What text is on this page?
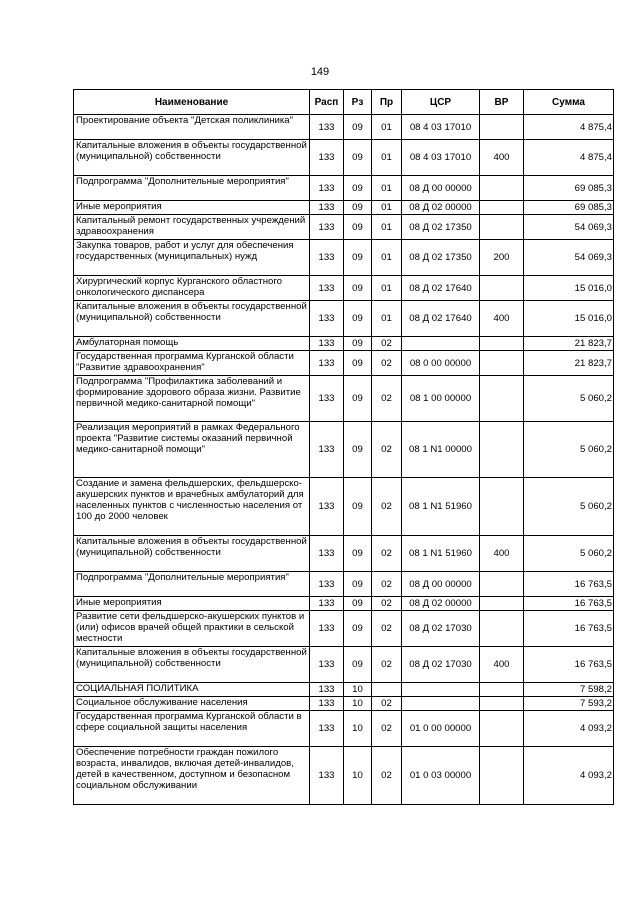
149
Наименование	Расп	Рз	Пр	ЦСР	ВР	Сумма
Проектирование объекта "Детская поликлиника"	133	09	01	08 4 03 17010		4 875,4
Капитальные вложения в объекты государственной (муниципальной) собственности	133	09	01	08 4 03 17010	400	4 875,4
Подпрограмма "Дополнительные мероприятия"	133	09	01	08 Д 00 00000		69 085,3
Иные мероприятия	133	09	01	08 Д 02 00000		69 085,3
Капитальный ремонт государственных учреждений здравоохранения	133	09	01	08 Д 02 17350		54 069,3
Закупка товаров, работ и услуг для обеспечения государственных (муниципальных) нужд	133	09	01	08 Д 02 17350	200	54 069,3
Хирургический корпус Курганского областного онкологического диспансера	133	09	01	08 Д 02 17640		15 016,0
Капитальные вложения в объекты государственной (муниципальной) собственности	133	09	01	08 Д 02 17640	400	15 016,0
Амбулаторная помощь	133	09	02			21 823,7
Государственная программа Курганской области "Развитие здравоохранения"	133	09	02	08 0 00 00000		21 823,7
Подпрограмма "Профилактика заболеваний и формирование здорового образа жизни. Развитие первичной медико-санитарной помощи"	133	09	02	08 1 00 00000		5 060,2
Реализация мероприятий в рамках Федерального проекта "Развитие системы оказаний первичной медико-санитарной помощи"	133	09	02	08 1 N1 00000		5 060,2
Создание и замена фельдшерских, фельдшерско-акушерских пунктов и врачебных амбулаторий для населенных пунктов с численностью населения от 100 до 2000 человек	133	09	02	08 1 N1 51960		5 060,2
Капитальные вложения в объекты государственной (муниципальной) собственности	133	09	02	08 1 N1 51960	400	5 060,2
Подпрограмма "Дополнительные мероприятия"	133	09	02	08 Д 00 00000		16 763,5
Иные мероприятия	133	09	02	08 Д 02 00000		16 763,5
Развитие сети фельдшерско-акушерских пунктов и (или) офисов врачей общей практики в сельской местности	133	09	02	08 Д 02 17030		16 763,5
Капитальные вложения в объекты государственной (муниципальной) собственности	133	09	02	08 Д 02 17030	400	16 763,5
СОЦИАЛЬНАЯ ПОЛИТИКА	133	10				7 598,2
Социальное обслуживание населения	133	10	02			7 593,2
Государственная программа Курганской области в сфере социальной защиты населения	133	10	02	01 0 00 00000		4 093,2
Обеспечение потребности граждан пожилого возраста, инвалидов, включая детей-инвалидов, детей в качественном, доступном и безопасном социальном обслуживании	133	10	02	01 0 03 00000		4 093,2
